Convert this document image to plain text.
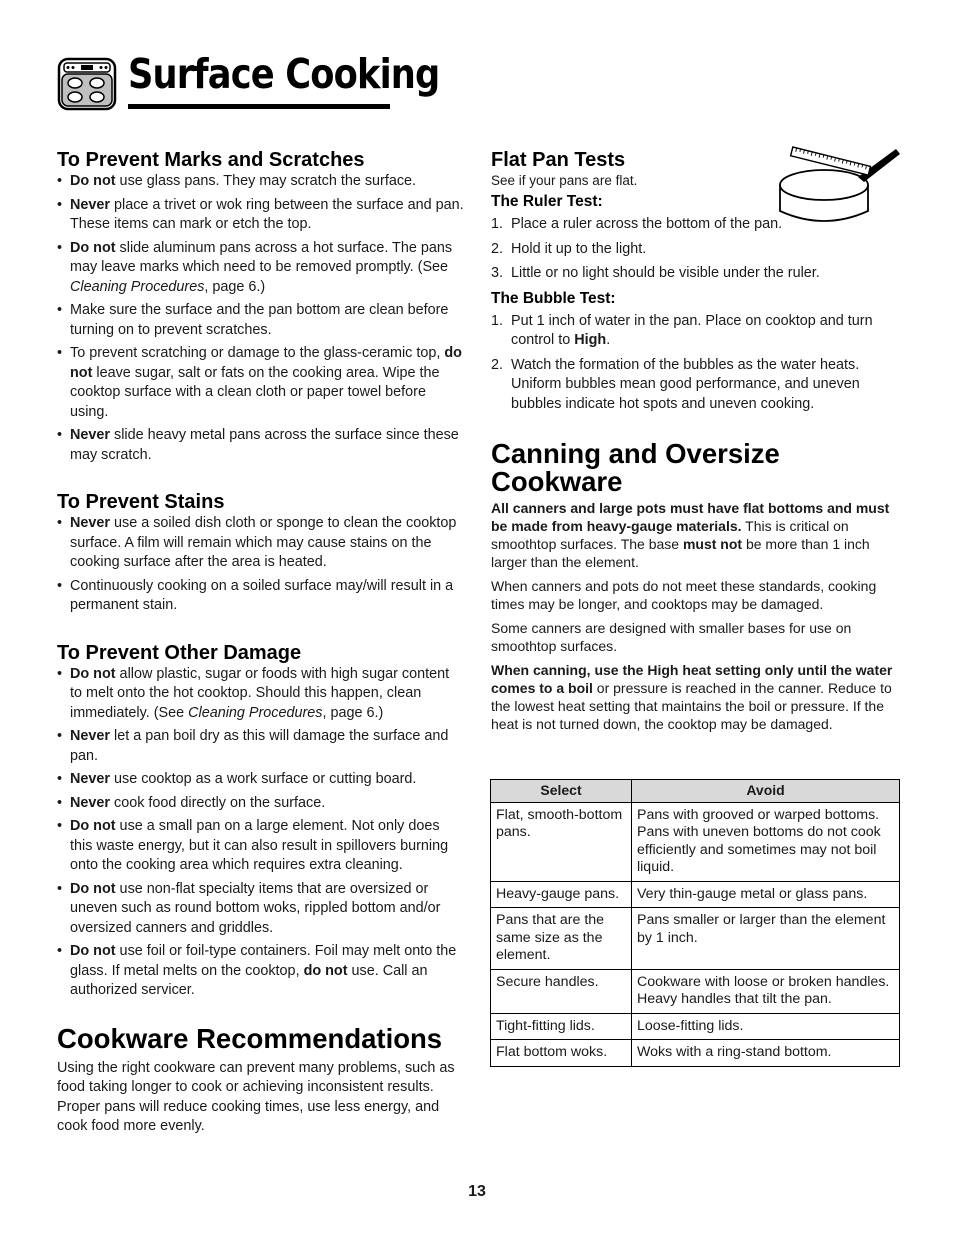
Surface Cooking
To Prevent Marks and Scratches
• Do not use glass pans. They may scratch the surface.
• Never place a trivet or wok ring between the surface and pan. These items can mark or etch the top.
• Do not slide aluminum pans across a hot surface. The pans may leave marks which need to be removed promptly. (See Cleaning Procedures, page 6.)
• Make sure the surface and the pan bottom are clean before turning on to prevent scratches.
• To prevent scratching or damage to the glass-ceramic top, do not leave sugar, salt or fats on the cooking area. Wipe the cooktop surface with a clean cloth or paper towel before using.
• Never slide heavy metal pans across the surface since these may scratch.
To Prevent Stains
• Never use a soiled dish cloth or sponge to clean the cooktop surface. A film will remain which may cause stains on the cooking surface after the area is heated.
• Continuously cooking on a soiled surface may/will result in a permanent stain.
To Prevent Other Damage
• Do not allow plastic, sugar or foods with high sugar content to melt onto the hot cooktop. Should this happen, clean immediately. (See Cleaning Procedures, page 6.)
• Never let a pan boil dry as this will damage the surface and pan.
• Never use cooktop as a work surface or cutting board.
• Never cook food directly on the surface.
• Do not use a small pan on a large element. Not only does this waste energy, but it can also result in spillovers burning onto the cooking area which requires extra cleaning.
• Do not use non-flat specialty items that are oversized or uneven such as round bottom woks, rippled bottom and/or oversized canners and griddles.
• Do not use foil or foil-type containers. Foil may melt onto the glass. If metal melts on the cooktop, do not use. Call an authorized servicer.
Cookware Recommendations

Using the right cookware can prevent many problems, such as food taking longer to cook or achieving inconsistent results. Proper pans will reduce cooking times, use less energy, and cook food more evenly.

Flat Pan Tests

See if your pans are flat.

The Ruler Test:
1. Place a ruler across the bottom of the pan.
2. Hold it up to the light.
3. Little or no light should be visible under the ruler.
The Bubble Test:
1. Put 1 inch of water in the pan. Place on cooktop and turn control to High.
2. Watch the formation of the bubbles as the water heats. Uniform bubbles mean good performance, and uneven bubbles indicate hot spots and uneven cooking.
Canning and Oversize Cookware

All canners and large pots must have flat bottoms and must be made from heavy-gauge materials. This is critical on smoothtop surfaces. The base must not be more than 1 inch larger than the element.

When canners and pots do not meet these standards, cooking times may be longer, and cooktops may be damaged.

Some canners are designed with smaller bases for use on smoothtop surfaces.

When canning, use the High heat setting only until the water comes to a boil or pressure is reached in the canner. Reduce to the lowest heat setting that maintains the boil or pressure. If the heat is not turned down, the cooktop may be damaged.

Select	Avoid
Flat, smooth-bottom pans.	Pans with grooved or warped bottoms. Pans with uneven bottoms do not cook efficiently and sometimes may not boil liquid.
Heavy-gauge pans.	Very thin-gauge metal or glass pans.
Pans that are the same size as the element.	Pans smaller or larger than the element by 1 inch.
Secure handles.	Cookware with loose or broken handles. Heavy handles that tilt the pan.
Tight-fitting lids.	Loose-fitting lids.
Flat bottom woks.	Woks with a ring-stand bottom.
13
